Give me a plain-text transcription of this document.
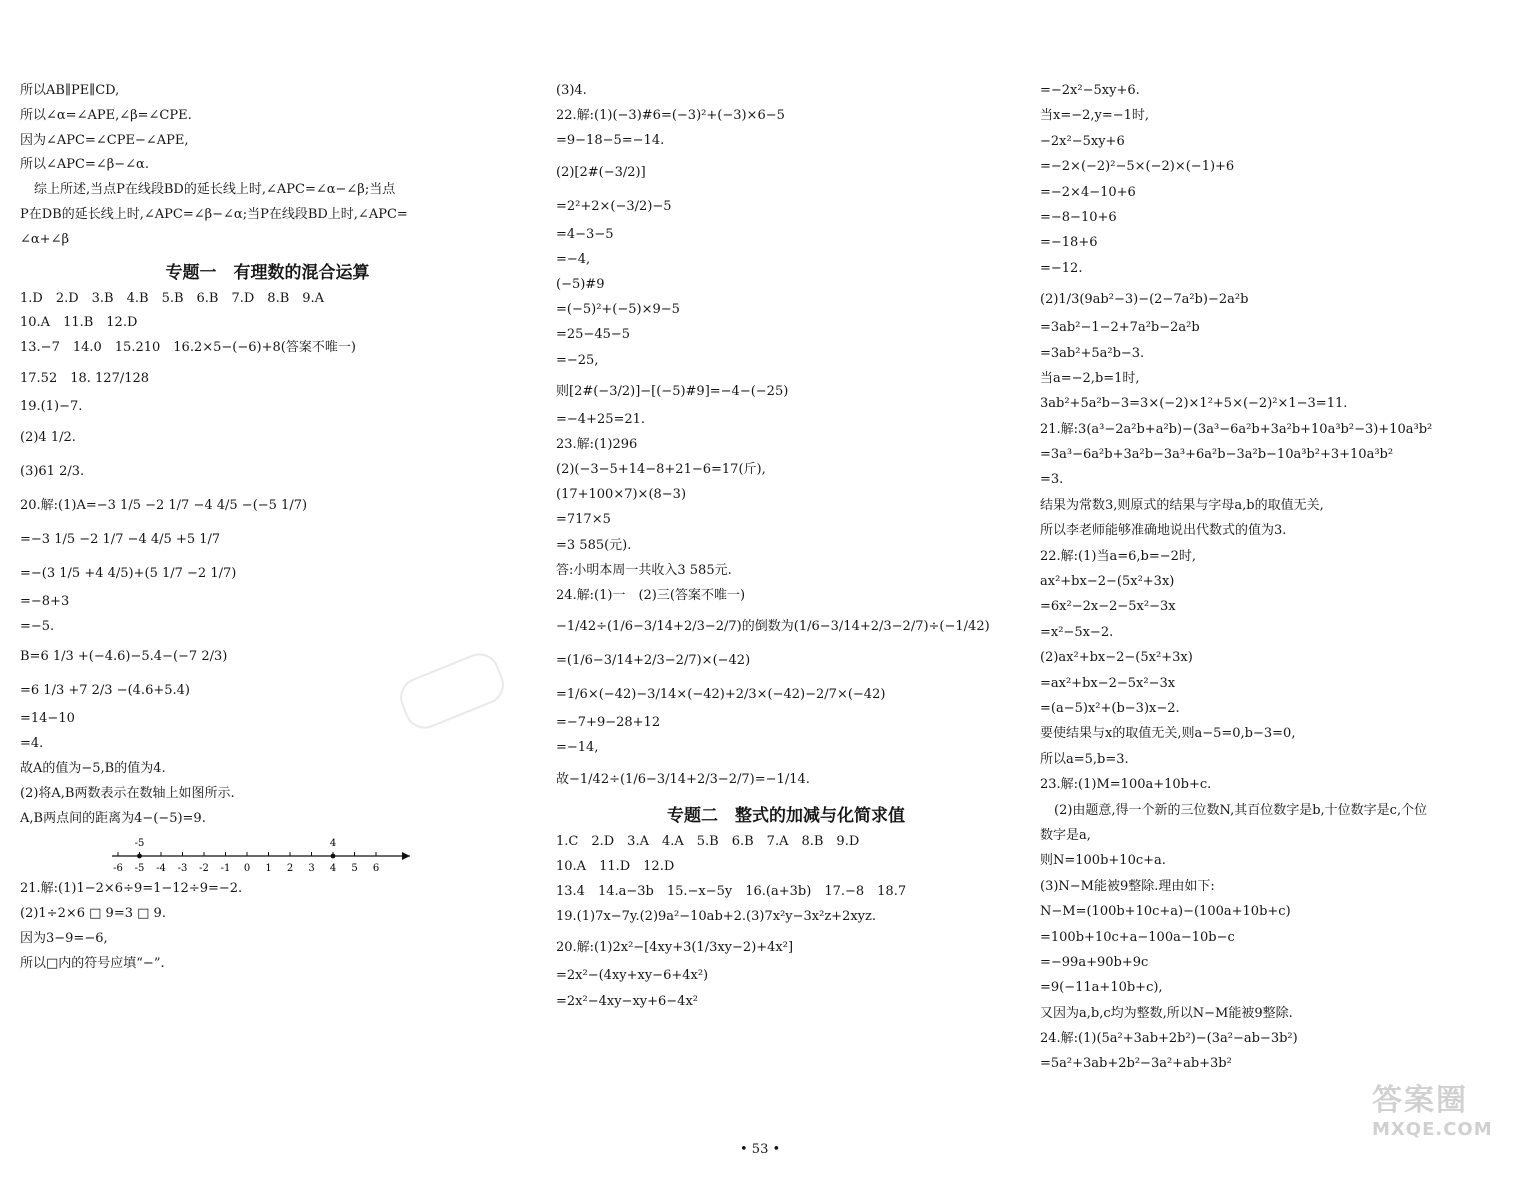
所以AB∥PE∥CD,
所以∠α=∠APE,∠β=∠CPE.
因为∠APC=∠CPE−∠APE,
所以∠APC=∠β−∠α.
综上所述,当点P在线段BD的延长线上时,∠APC=∠α−∠β;当点
P在DB的延长线上时,∠APC=∠β−∠α;当P在线段BD上时,∠APC=
∠α+∠β
专题一　有理数的混合运算
1.D　2.D　3.B　4.B　5.B　6.B　7.D　8.B　9.A
10.A　11.B　12.D
13.−7　14.0　15.210　16.2×5−(−6)+8(答案不唯一)
17.52　18. 127/128
19.(1)−7.
(2)4 1/2.
(3)61 2/3.
20.解:(1)A=−3 1/5 −2 1/7 −4 4/5 −(−5 1/7)
=−3 1/5 −2 1/7 −4 4/5 +5 1/7
=−(3 1/5 +4 4/5)+(5 1/7 −2 1/7)
=−8+3
=−5.
B=6 1/3 +(−4.6)−5.4−(−7 2/3)
=6 1/3 +7 2/3 −(4.6+5.4)
=14−10
=4.
故A的值为−5,B的值为4.
(2)将A,B两数表示在数轴上如图所示.
A,B两点间的距离为4−(−5)=9.
-6 -5 -4 -3 -2 -1 0 1 2 3 4 5 6
-5	4
21.解:(1)1−2×6÷9=1−12÷9=−2.
(2)1÷2×6 □ 9=3 □ 9.
因为3−9=−6,
所以□内的符号应填“−”.
(3)4.
22.解:(1)(−3)#6=(−3)²+(−3)×6−5
=9−18−5=−14.
(2)[2#(−3/2)]
=2²+2×(−3/2)−5
=4−3−5
=−4,
(−5)#9
=(−5)²+(−5)×9−5
=25−45−5
=−25,
则[2#(−3/2)]−[(−5)#9]=−4−(−25)
=−4+25=21.
23.解:(1)296
(2)(−3−5+14−8+21−6=17(斤),
(17+100×7)×(8−3)
=717×5
=3 585(元).
答:小明本周一共收入3 585元.
24.解:(1)一　(2)三(答案不唯一)
−1/42÷(1/6−3/14+2/3−2/7)的倒数为(1/6−3/14+2/3−2/7)÷(−1/42)
=(1/6−3/14+2/3−2/7)×(−42)
=1/6×(−42)−3/14×(−42)+2/3×(−42)−2/7×(−42)
=−7+9−28+12
=−14,
故−1/42÷(1/6−3/14+2/3−2/7)=−1/14.
专题二　整式的加减与化简求值
1.C　2.D　3.A　4.A　5.B　6.B　7.A　8.B　9.D
10.A　11.D　12.D
13.4　14.a−3b　15.−x−5y　16.(a+3b)　17.−8　18.7
19.(1)7x−7y.(2)9a²−10ab+2.(3)7x²y−3x²z+2xyz.
20.解:(1)2x²−[4xy+3(1/3xy−2)+4x²]
=2x²−(4xy+xy−6+4x²)
=2x²−4xy−xy+6−4x²
=−2x²−5xy+6.
当x=−2,y=−1时,
−2x²−5xy+6
=−2×(−2)²−5×(−2)×(−1)+6
=−2×4−10+6
=−8−10+6
=−18+6
=−12.
(2)1/3(9ab²−3)−(2−7a²b)−2a²b
=3ab²−1−2+7a²b−2a²b
=3ab²+5a²b−3.
当a=−2,b=1时,
3ab²+5a²b−3=3×(−2)×1²+5×(−2)²×1−3=11.
21.解:3(a³−2a²b+a²b)−(3a³−6a²b+3a²b+10a³b²−3)+10a³b²
=3a³−6a²b+3a²b−3a³+6a²b−3a²b−10a³b²+3+10a³b²
=3.
结果为常数3,则原式的结果与字母a,b的取值无关,
所以李老师能够准确地说出代数式的值为3.
22.解:(1)当a=6,b=−2时,
ax²+bx−2−(5x²+3x)
=6x²−2x−2−5x²−3x
=x²−5x−2.
(2)ax²+bx−2−(5x²+3x)
=ax²+bx−2−5x²−3x
=(a−5)x²+(b−3)x−2.
要使结果与x的取值无关,则a−5=0,b−3=0,
所以a=5,b=3.
23.解:(1)M=100a+10b+c.
(2)由题意,得一个新的三位数N,其百位数字是b,十位数字是c,个位
数字是a,
则N=100b+10c+a.
(3)N−M能被9整除.理由如下:
N−M=(100b+10c+a)−(100a+10b+c)
=100b+10c+a−100a−10b−c
=−99a+90b+9c
=9(−11a+10b+c),
又因为a,b,c均为整数,所以N−M能被9整除.
24.解:(1)(5a²+3ab+2b²)−(3a²−ab−3b²)
=5a²+3ab+2b²−3a²+ab+3b²
• 53 •
答案圈
MXQE.COM
